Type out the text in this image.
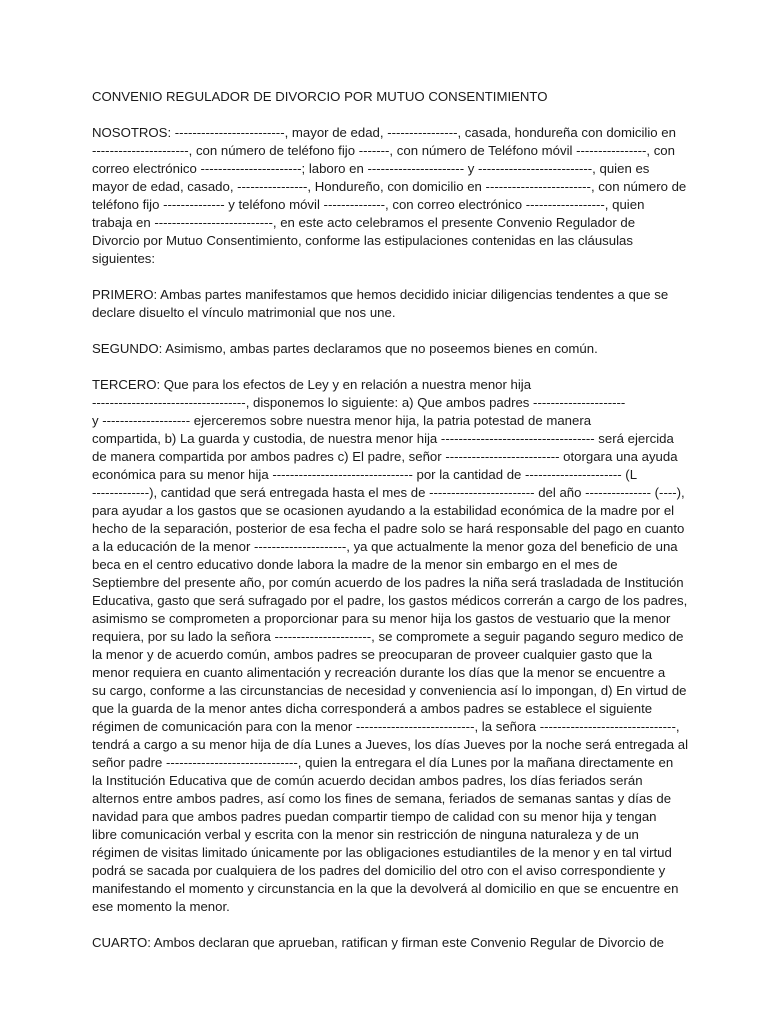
CONVENIO REGULADOR DE DIVORCIO POR MUTUO CONSENTIMIENTO
NOSOTROS: -------------------------, mayor de edad, ----------------, casada, hondureña con domicilio en
----------------------, con número de teléfono fijo -------, con número de Teléfono móvil ----------------, con
correo electrónico -----------------------; laboro en ---------------------- y --------------------------, quien es
mayor de edad, casado, ----------------, Hondureño, con domicilio en ------------------------, con número de
teléfono fijo -------------- y teléfono móvil --------------, con correo electrónico ------------------, quien
trabaja en ---------------------------, en este acto celebramos el presente Convenio Regulador de
Divorcio por Mutuo Consentimiento, conforme las estipulaciones contenidas en las cláusulas
siguientes:
PRIMERO: Ambas partes manifestamos que hemos decidido iniciar diligencias tendentes a que se
declare disuelto el vínculo matrimonial que nos une.
SEGUNDO: Asimismo, ambas partes declaramos que no poseemos bienes en común.
TERCERO: Que para los efectos de Ley y en relación a nuestra menor hija
-----------------------------------, disponemos lo siguiente: a) Que ambos padres ---------------------
y -------------------- ejerceremos sobre nuestra menor hija, la patria potestad de manera
compartida, b) La guarda y custodia, de nuestra menor hija ----------------------------------- será ejercida
de manera compartida por ambos padres c) El padre, señor -------------------------- otorgara una ayuda
económica para su menor hija -------------------------------- por la cantidad de ---------------------- (L
-------------), cantidad que será entregada hasta el mes de ------------------------ del año --------------- (----),
para ayudar a los gastos que se ocasionen ayudando a la estabilidad económica de la madre por el
hecho de la separación, posterior de esa fecha el padre solo se hará responsable del pago en cuanto
a la educación de la menor ---------------------, ya que actualmente la menor goza del beneficio de una
beca en el centro educativo donde labora la madre de la menor sin embargo en el mes de
Septiembre del presente año, por común acuerdo de los padres la niña será trasladada de Institución
Educativa, gasto que será sufragado por el padre, los gastos médicos correrán a cargo de los padres,
asimismo se comprometen a proporcionar para su menor hija los gastos de vestuario que la menor
requiera, por su lado la señora ----------------------, se compromete a seguir pagando seguro medico de
la menor y de acuerdo común, ambos padres se preocuparan de proveer cualquier gasto que la
menor requiera en cuanto alimentación y recreación durante los días que la menor se encuentre a
su cargo, conforme a las circunstancias de necesidad y conveniencia así lo impongan, d) En virtud de
que la guarda de la menor antes dicha corresponderá a ambos padres se establece el siguiente
régimen de comunicación para con la menor ---------------------------, la señora -------------------------------,
tendrá a cargo a su menor hija de día Lunes a Jueves, los días Jueves por la noche será entregada al
señor padre ------------------------------, quien la entregara el día Lunes por la mañana directamente en
la Institución Educativa que de común acuerdo decidan ambos padres, los días feriados serán
alternos entre ambos padres, así como los fines de semana, feriados de semanas santas y días de
navidad para que ambos padres puedan compartir tiempo de calidad con su menor hija y tengan
libre comunicación verbal y escrita con la menor sin restricción de ninguna naturaleza y de un
régimen de visitas limitado únicamente por las obligaciones estudiantiles de la menor y en tal virtud
podrá se sacada por cualquiera de los padres del domicilio del otro con el aviso correspondiente y
manifestando el momento y circunstancia en la que la devolverá al domicilio en que se encuentre en
ese momento la menor.
CUARTO: Ambos declaran que aprueban, ratifican y firman este Convenio Regular de Divorcio de
